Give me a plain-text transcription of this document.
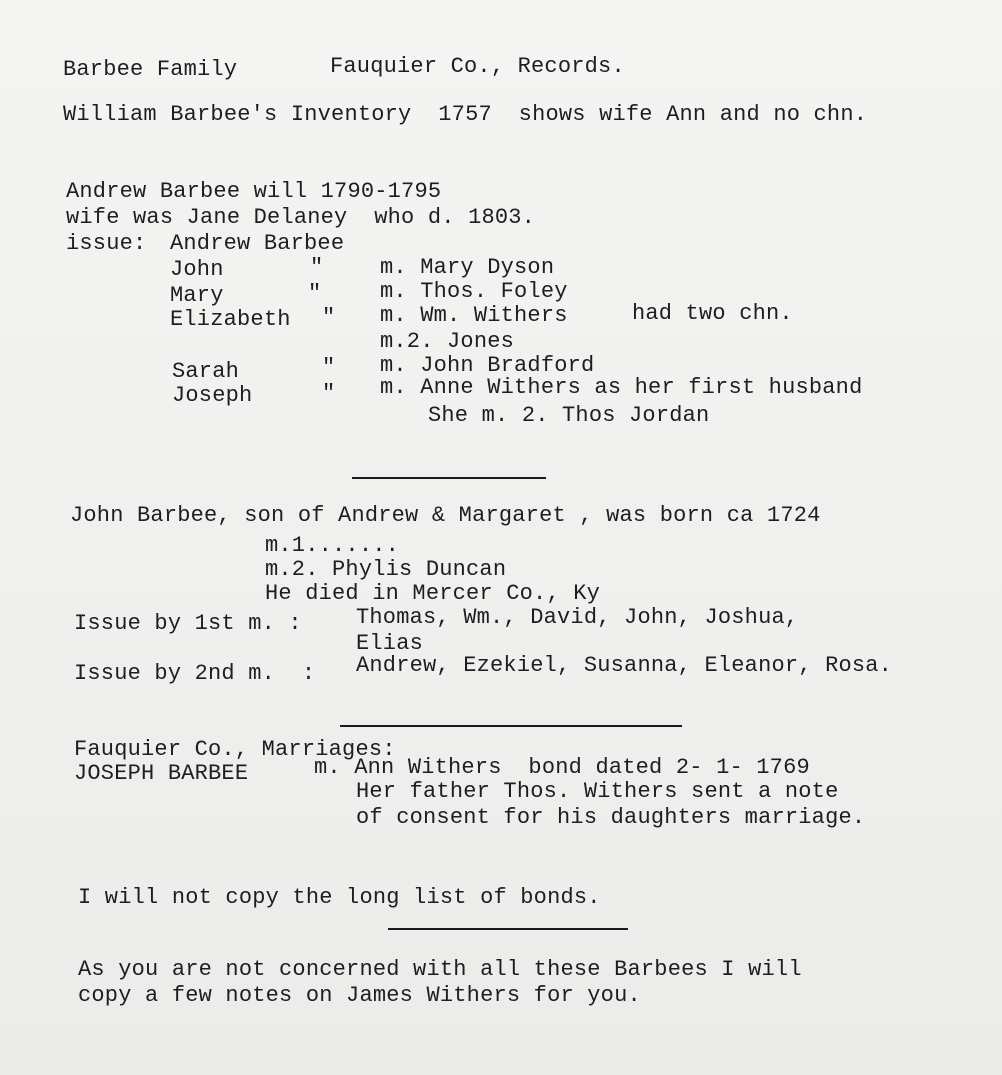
Barbee Family	Fauquier Co., Records.
William Barbee's Inventory  1757  shows wife Ann and no chn.
Andrew Barbee will 1790-1795
wife was Jane Delaney  who d. 1803.
issue: Andrew Barbee
John	"	m. Mary Dyson
Mary	"	m. Thos. Foley
Elizabeth " m. Wm. Withers	had two chn.
m.2. Jones
Sarah	" m. John Bradford
Joseph	" m. Anne Withers as her first husband
She m. 2. Thos Jordan
John Barbee, son of Andrew & Margaret , was born ca 1724
m.1.......
m.2. Phylis Duncan
He died in Mercer Co., Ky
Issue by 1st m. : Thomas, Wm., David, John, Joshua,
Elias
Issue by 2nd m.  : Andrew, Ezekiel, Susanna, Eleanor, Rosa.
Fauquier Co., Marriages:
JOSEPH BARBEE	m. Ann Withers  bond dated 2- 1- 1769
Her father Thos. Withers sent a note
of consent for his daughters marriage.
I will not copy the long list of bonds.
As you are not concerned with all these Barbees I will
copy a few notes on James Withers for you.
